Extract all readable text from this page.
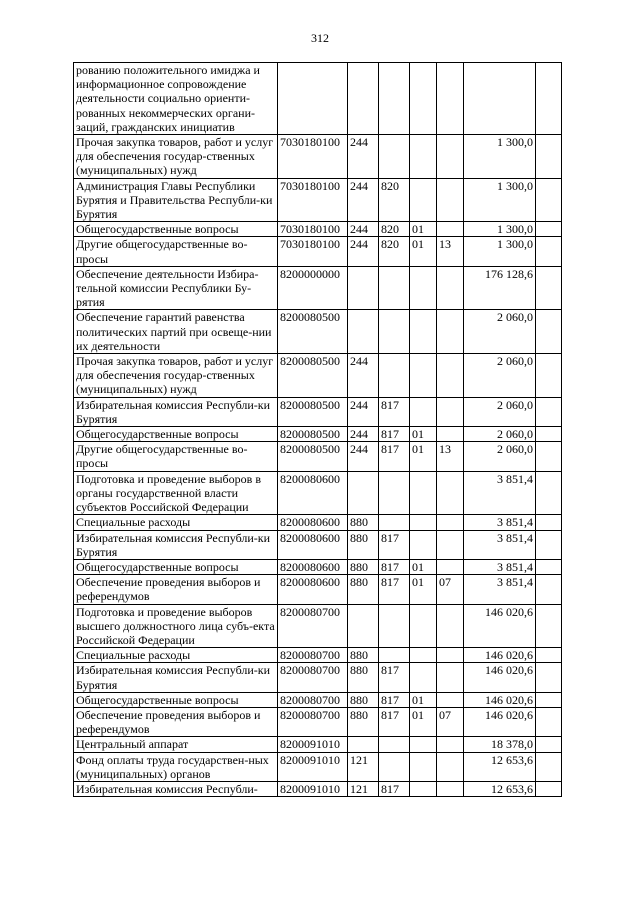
312
рованию положительного имиджа и информационное сопровождение деятельности социально ориенти-рованных некоммерческих органи-заций, гражданских инициатив							
Прочая закупка товаров, работ и услуг для обеспечения государ-ственных (муниципальных) нужд	7030180100	244				1 300,0	
Администрация Главы Республики Бурятия и Правительства Республи-ки Бурятия	7030180100	244	820			1 300,0	
Общегосударственные вопросы	7030180100	244	820	01		1 300,0	
Другие общегосударственные во-просы	7030180100	244	820	01	13	1 300,0	
Обеспечение деятельности Избира-тельной комиссии Республики Бу-рятия	8200000000					176 128,6	
Обеспечение гарантий равенства политических партий при освеще-нии их деятельности	8200080500					2 060,0	
Прочая закупка товаров, работ и услуг для обеспечения государ-ственных (муниципальных) нужд	8200080500	244				2 060,0	
Избирательная комиссия Республи-ки Бурятия	8200080500	244	817			2 060,0	
Общегосударственные вопросы	8200080500	244	817	01		2 060,0	
Другие общегосударственные во-просы	8200080500	244	817	01	13	2 060,0	
Подготовка и проведение выборов в органы государственной власти субъектов Российской Федерации	8200080600					3 851,4	
Специальные расходы	8200080600	880				3 851,4	
Избирательная комиссия Республи-ки Бурятия	8200080600	880	817			3 851,4	
Общегосударственные вопросы	8200080600	880	817	01		3 851,4	
Обеспечение проведения выборов и референдумов	8200080600	880	817	01	07	3 851,4	
Подготовка и проведение выборов высшего должностного лица субъ-екта Российской Федерации	8200080700					146 020,6	
Специальные расходы	8200080700	880				146 020,6	
Избирательная комиссия Республи-ки Бурятия	8200080700	880	817			146 020,6	
Общегосударственные вопросы	8200080700	880	817	01		146 020,6	
Обеспечение проведения выборов и референдумов	8200080700	880	817	01	07	146 020,6	
Центральный аппарат	8200091010					18 378,0	
Фонд оплаты труда государствен-ных (муниципальных) органов	8200091010	121				12 653,6	
Избирательная комиссия Республи-	8200091010	121	817			12 653,6	
